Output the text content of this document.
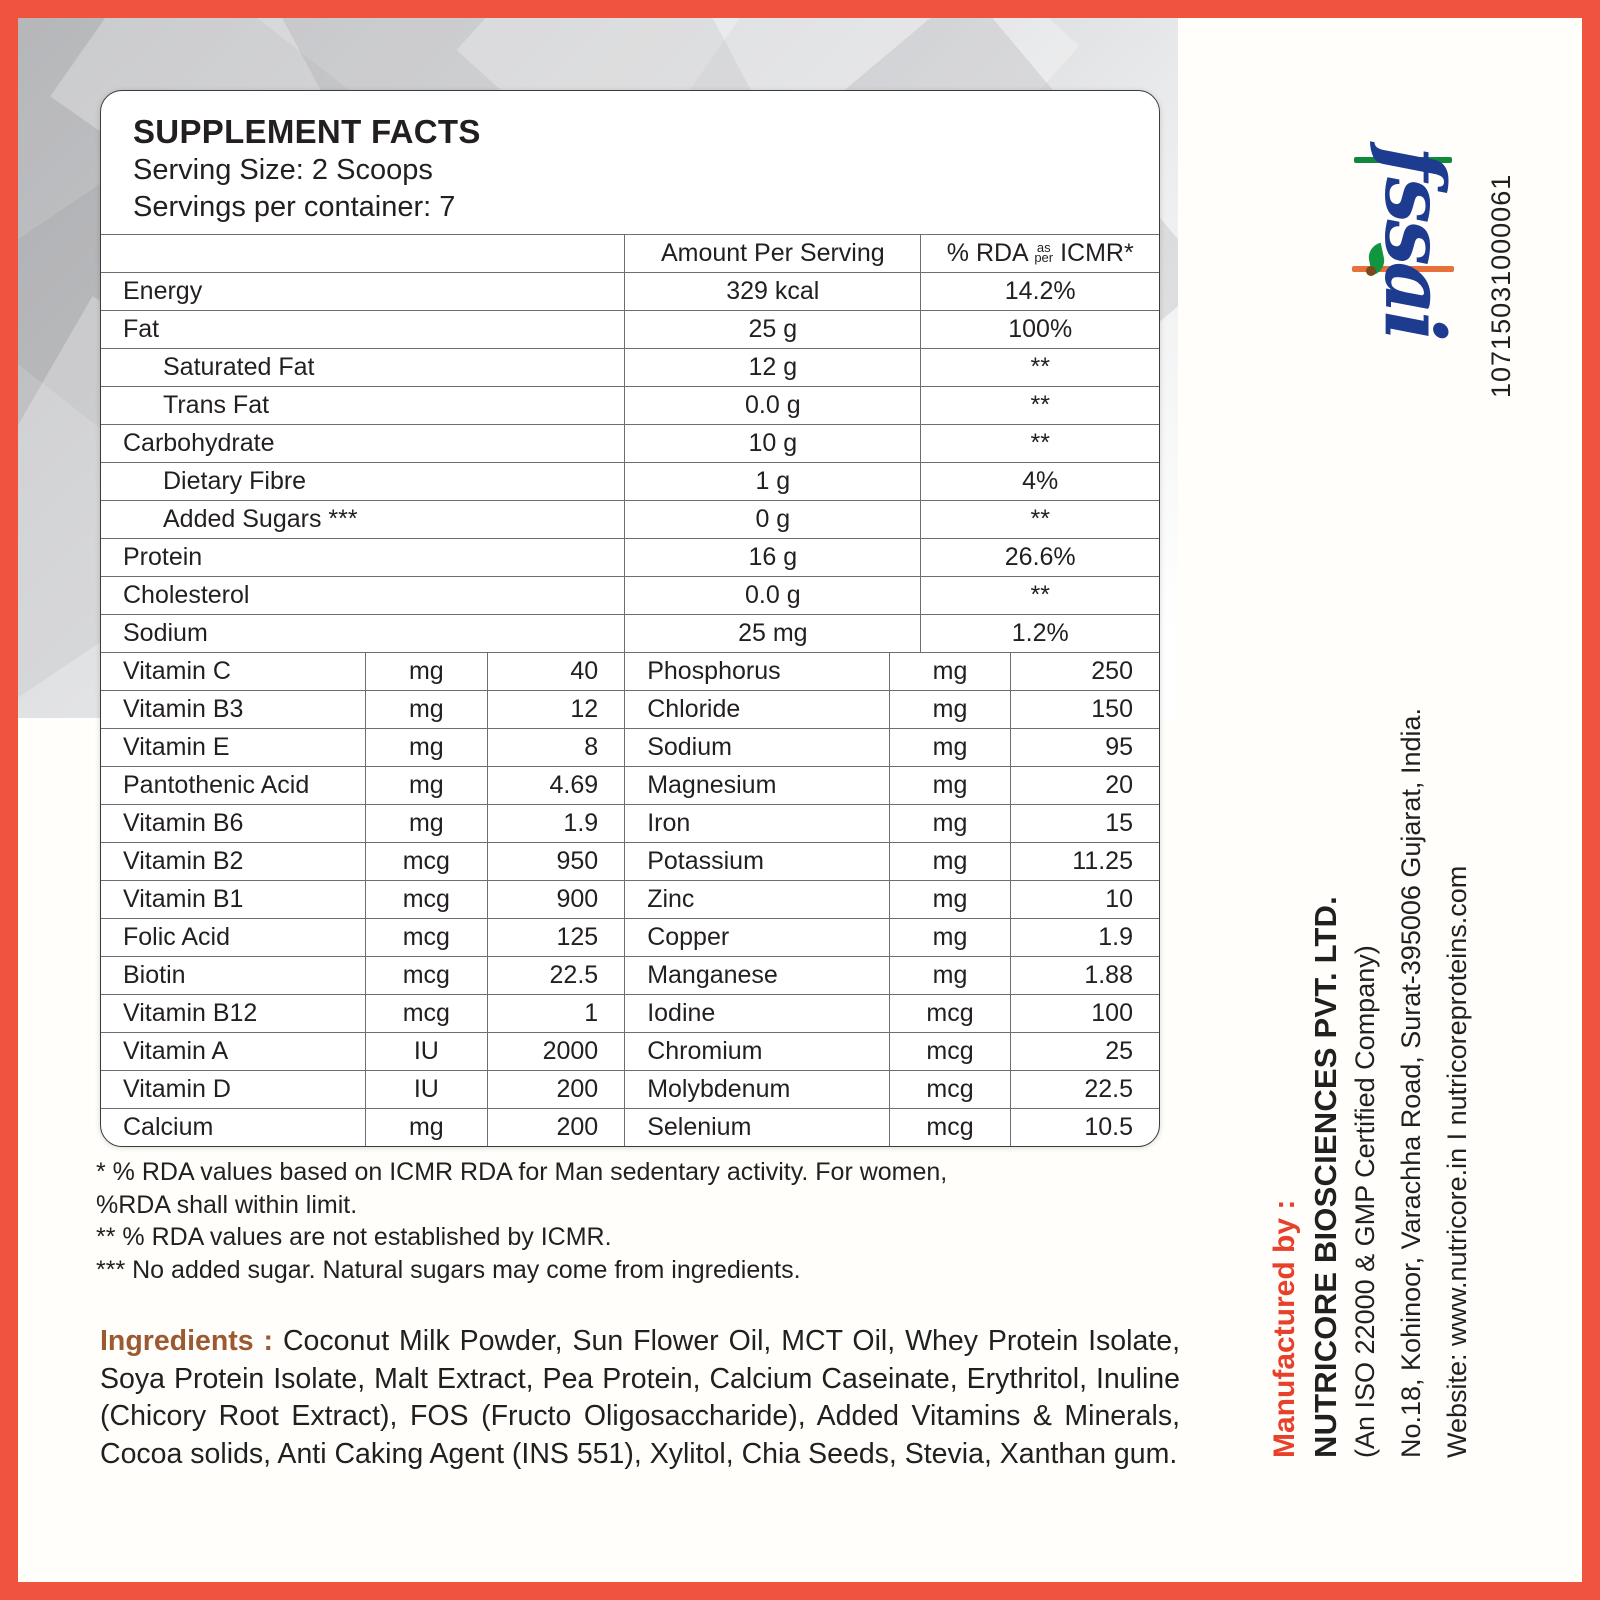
SUPPLEMENT FACTS
Serving Size: 2 Scoops
Servings per container: 7
	Amount Per Serving	% RDA as
per ICMR*
Energy	329 kcal	14.2%
Fat	25 g	100%
Saturated Fat	12 g	**
Trans Fat	0.0 g	**
Carbohydrate	10 g	**
Dietary Fibre	1 g	4%
Added Sugars ***	0 g	**
Protein	16 g	26.6%
Cholesterol	0.0 g	**
Sodium	25 mg	1.2%
Vitamin C	mg	40	Phosphorus	mg	250
Vitamin B3	mg	12	Chloride	mg	150
Vitamin E	mg	8	Sodium	mg	95
Pantothenic Acid	mg	4.69	Magnesium	mg	20
Vitamin B6	mg	1.9	Iron	mg	15
Vitamin B2	mcg	950	Potassium	mg	11.25
Vitamin B1	mcg	900	Zinc	mg	10
Folic Acid	mcg	125	Copper	mg	1.9
Biotin	mcg	22.5	Manganese	mg	1.88
Vitamin B12	mcg	1	Iodine	mcg	100
Vitamin A	IU	2000	Chromium	mcg	25
Vitamin D	IU	200	Molybdenum	mcg	22.5
Calcium	mg	200	Selenium	mcg	10.5
* % RDA values based on ICMR RDA for Man sedentary activity. For women,
%RDA shall within limit.
** % RDA values are not established by ICMR.
*** No added sugar. Natural sugars may come from ingredients.
Ingredients : Coconut Milk Powder, Sun Flower Oil, MCT Oil, Whey Protein Isolate, Soya Protein Isolate, Malt Extract, Pea Protein, Calcium Caseinate, Erythritol, Inuline (Chicory Root Extract), FOS (Fructo Oligosaccharide), Added Vitamins & Minerals, Cocoa solids, Anti Caking Agent (INS 551), Xylitol, Chia Seeds, Stevia, Xanthan gum.
fssai 10715031000061
Manufactured by : NUTRICORE BIOSCIENCES PVT. LTD. (An ISO 22000 & GMP Certified Company) No.18, Kohinoor, Varachha Road, Surat-395006 Gujarat, India. Website: www.nutricore.in I nutricoreproteins.com
